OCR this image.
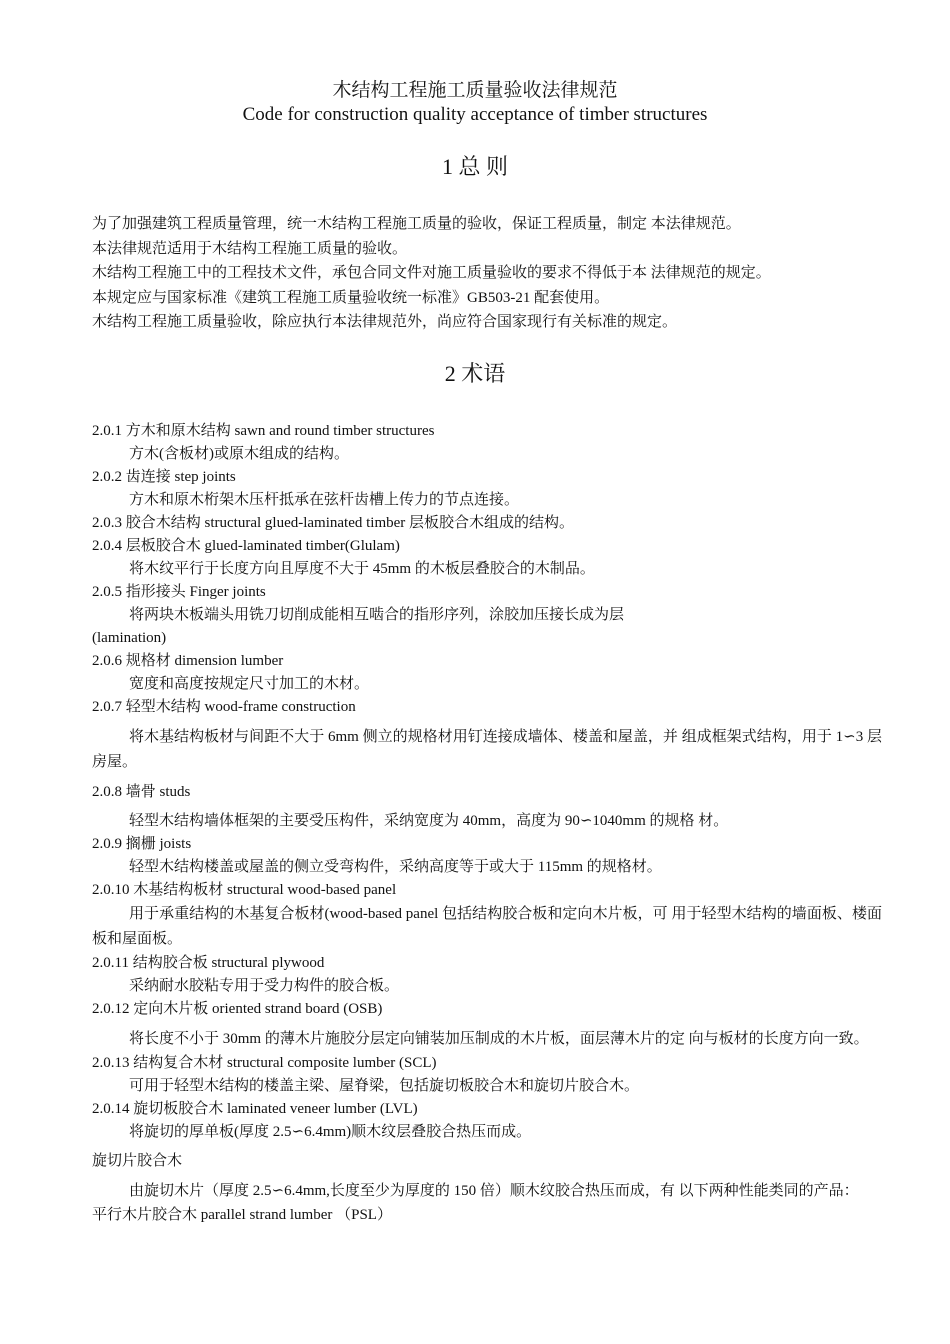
木结构工程施工质量验收法律规范
Code for construction quality acceptance of timber structures
1 总 则
为了加强建筑工程质量管理，统一木结构工程施工质量的验收，保证工程质量，制定 本法律规范。
本法律规范适用于木结构工程施工质量的验收。
木结构工程施工中的工程技术文件，承包合同文件对施工质量验收的要求不得低于本 法律规范的规定。
本规定应与国家标准《建筑工程施工质量验收统一标准》GB503-21 配套使用。
木结构工程施工质量验收，除应执行本法律规范外，尚应符合国家现行有关标准的规定。
2 术语
2.0.1 方木和原木结构 sawn and round timber structures
方木(含板材)或原木组成的结构。
2.0.2 齿连接 step joints
方木和原木桁架木压杆抵承在弦杆齿槽上传力的节点连接。
2.0.3 胶合木结构 structural glued-laminated timber 层板胶合木组成的结构。
2.0.4 层板胶合木 glued-laminated timber(Glulam)
将木纹平行于长度方向且厚度不大于 45mm 的木板层叠胶合的木制品。
2.0.5 指形接头 Finger joints
将两块木板端头用铣刀切削成能相互啮合的指形序列，涂胶加压接长成为层
(lamination)
2.0.6 规格材 dimension lumber
宽度和高度按规定尺寸加工的木材。
2.0.7 轻型木结构 wood-frame construction
将木基结构板材与间距不大于 6mm 侧立的规格材用钉连接成墙体、楼盖和屋盖，并 组成框架式结构，用于 1∽3 层房屋。
2.0.8 墙骨 studs
轻型木结构墙体框架的主要受压构件，采纳宽度为 40mm，高度为 90∽1040mm 的规格 材。
2.0.9 搁栅 joists
轻型木结构楼盖或屋盖的侧立受弯构件，采纳高度等于或大于 115mm 的规格材。
2.0.10 木基结构板材 structural wood-based panel
用于承重结构的木基复合板材(wood-based panel 包括结构胶合板和定向木片板，可 用于轻型木结构的墙面板、楼面板和屋面板。
2.0.11 结构胶合板 structural plywood
采纳耐水胶粘专用于受力构件的胶合板。
2.0.12 定向木片板 oriented strand board (OSB)
将长度不小于 30mm 的薄木片施胶分层定向铺装加压制成的木片板，面层薄木片的定 向与板材的长度方向一致。
2.0.13 结构复合木材 structural composite lumber (SCL)
可用于轻型木结构的楼盖主梁、屋脊梁，包括旋切板胶合木和旋切片胶合木。
2.0.14 旋切板胶合木 laminated veneer lumber (LVL)
将旋切的厚单板(厚度 2.5∽6.4mm)顺木纹层叠胶合热压而成。
旋切片胶合木
由旋切木片（厚度 2.5∽6.4mm,长度至少为厚度的 150 倍）顺木纹胶合热压而成，有 以下两种性能类同的产品：
平行木片胶合木 parallel strand lumber （PSL）
